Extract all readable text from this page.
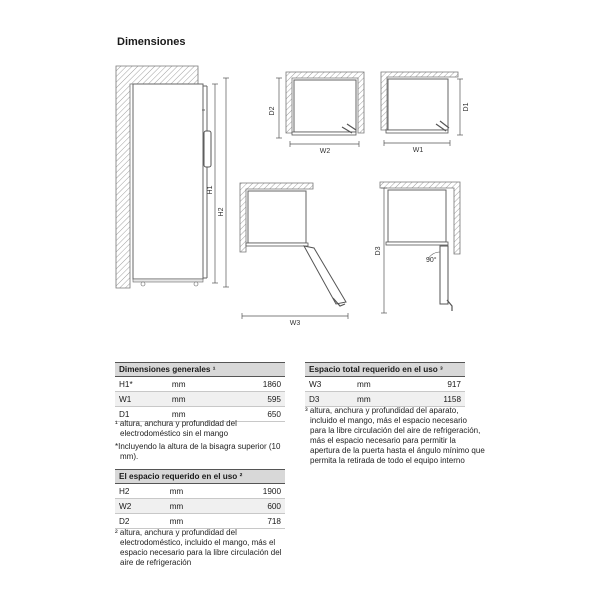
Dimensiones
H1
H2
D2
W2
D1
W1
W3
D3
90°
Dimensiones generales ¹		
H1*	mm	1860
W1	mm	595
D1	mm	650

¹ altura, anchura y profundidad del electrodoméstico sin el mango

*Incluyendo la altura de la bisagra superior (10 mm).

El espacio requerido en el uso ²		
H2	mm	1900
W2	mm	600
D2	mm	718

² altura, anchura y profundidad del electrodoméstico, incluido el mango, más el espacio necesario para la libre circulación del aire de refrigeración

Espacio total requerido en el uso ³		
W3	mm	917
D3	mm	1158

³ altura, anchura y profundidad del aparato, incluido el mango, más el espacio necesario para la libre circulación del aire de refrigeración, más el espacio necesario para permitir la apertura de la puerta hasta el ángulo mínimo que permita la retirada de todo el equipo interno
